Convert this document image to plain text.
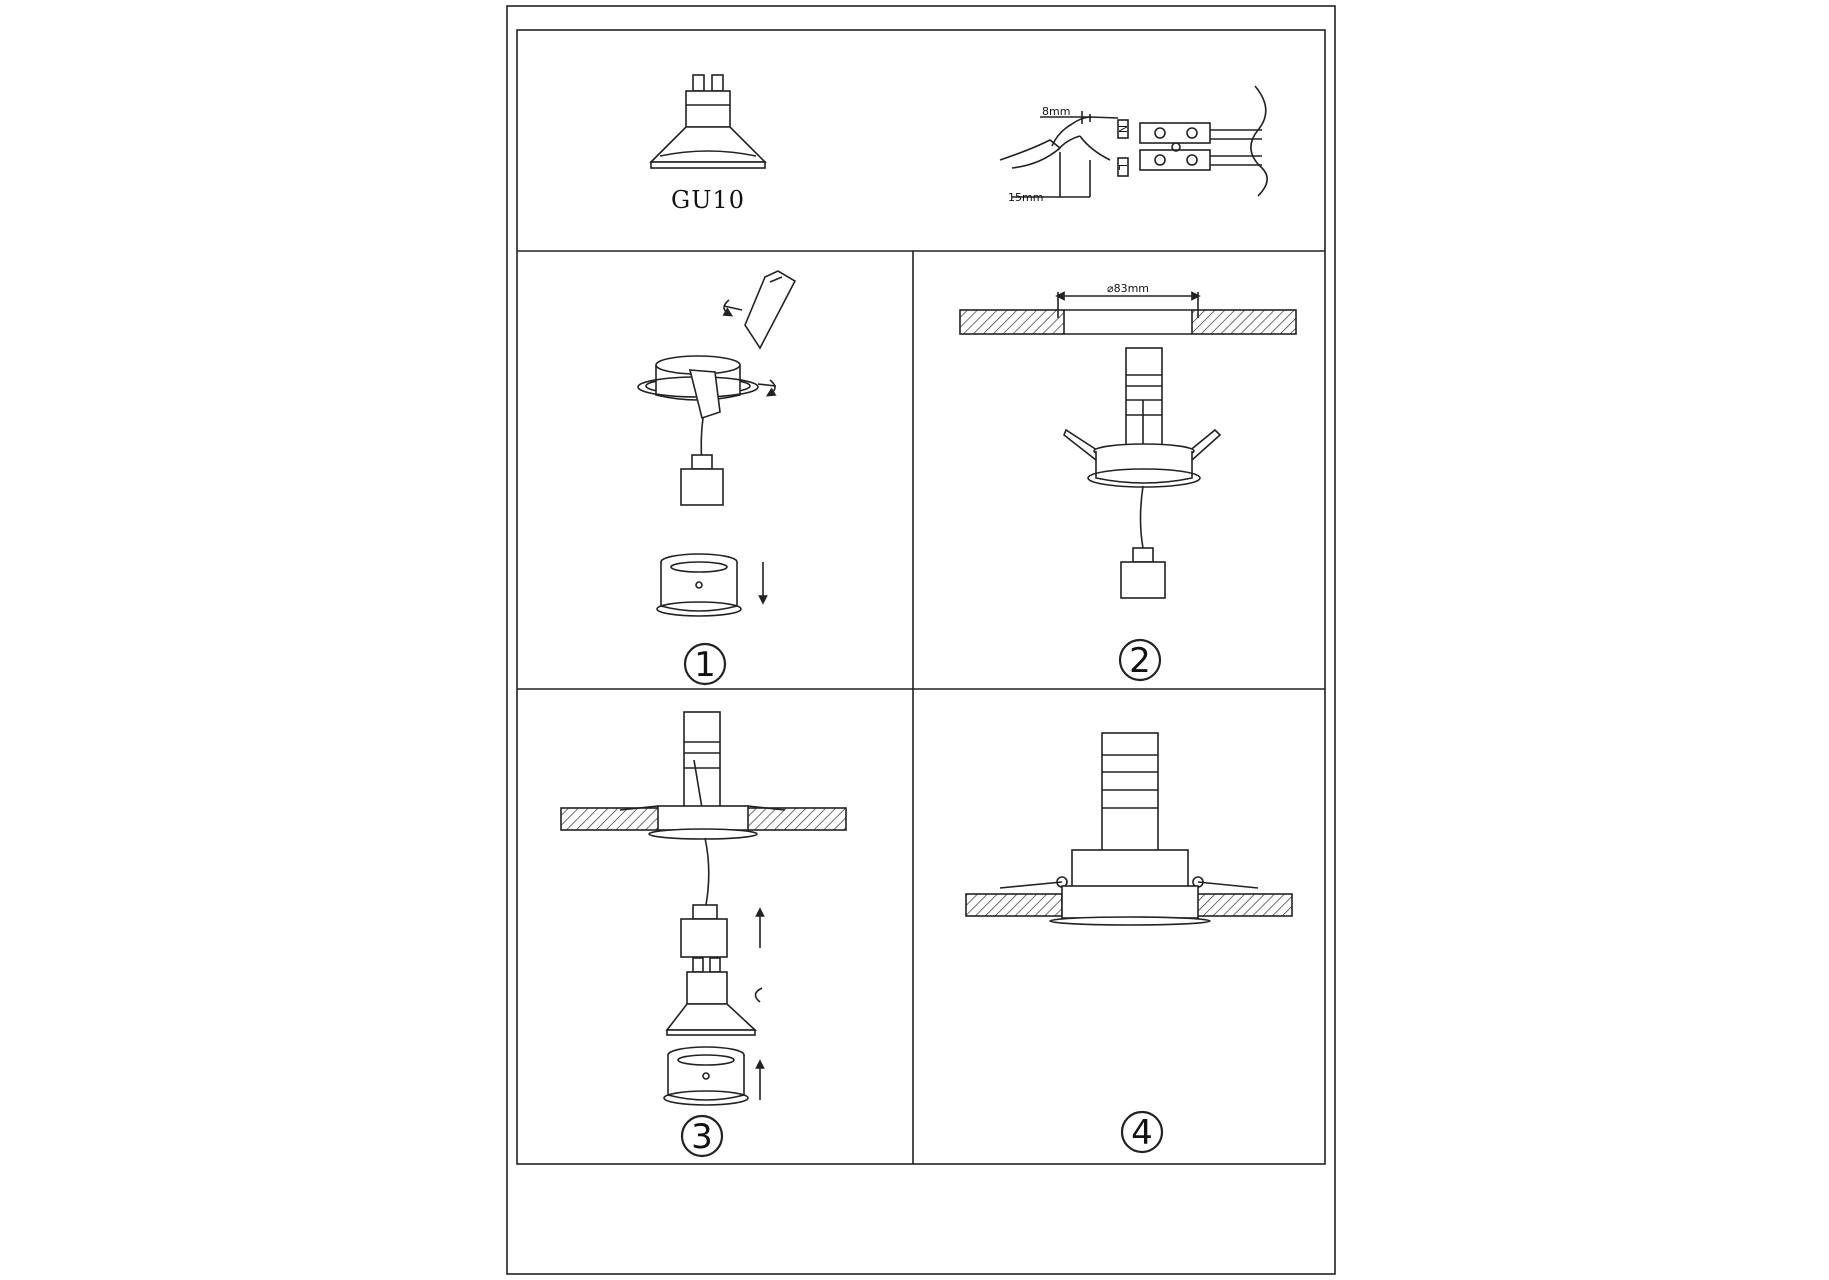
GU10
8mm
15mm
N
L
1
⌀83mm
2
3	4
